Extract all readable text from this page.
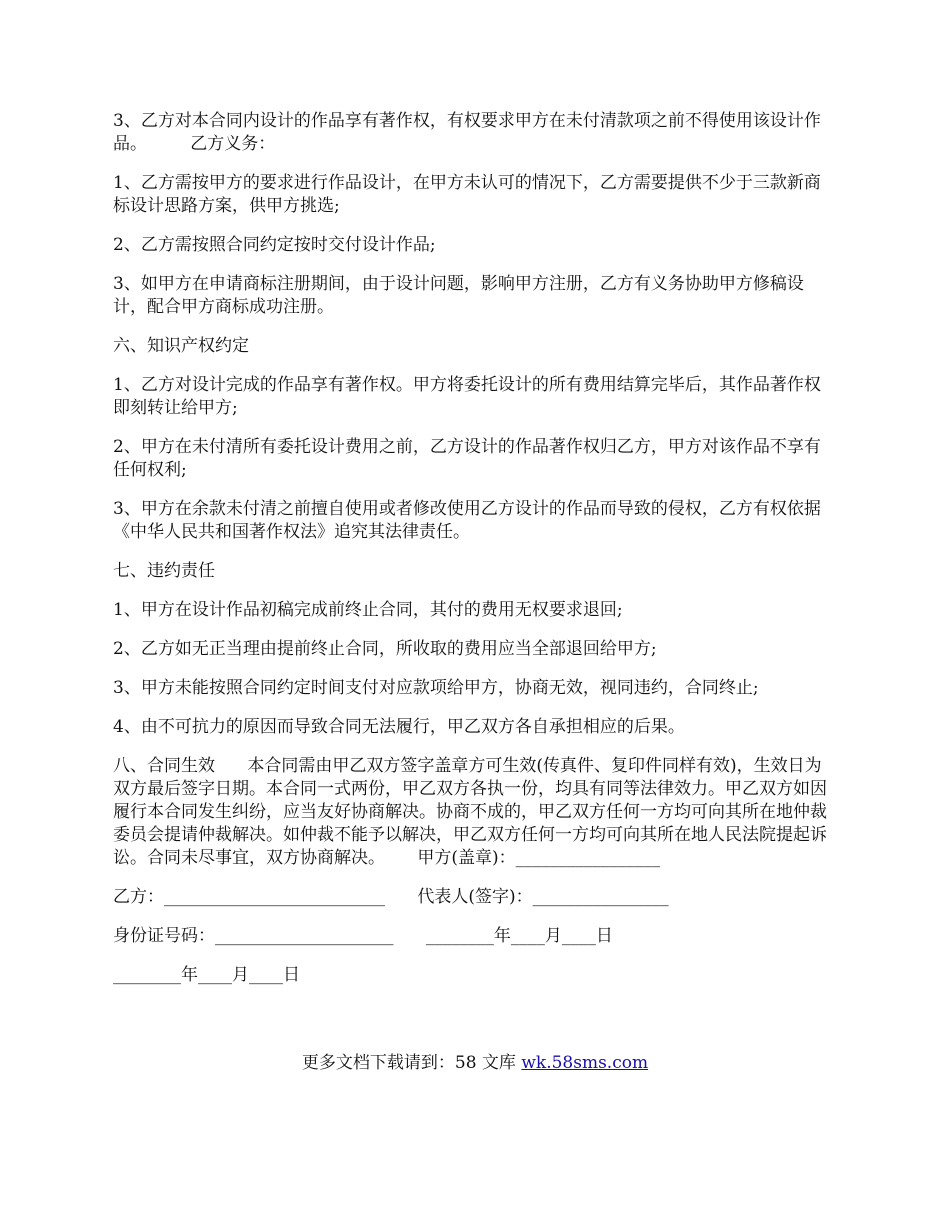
3、乙方对本合同内设计的作品享有著作权，有权要求甲方在未付清款项之前不得使用该设计作品。        乙方义务：

1、乙方需按甲方的要求进行作品设计，在甲方未认可的情况下，乙方需要提供不少于三款新商标设计思路方案，供甲方挑选;

2、乙方需按照合同约定按时交付设计作品;

3、如甲方在申请商标注册期间，由于设计问题，影响甲方注册，乙方有义务协助甲方修稿设计，配合甲方商标成功注册。

六、知识产权约定

1、乙方对设计完成的作品享有著作权。甲方将委托设计的所有费用结算完毕后，其作品著作权即刻转让给甲方;

2、甲方在未付清所有委托设计费用之前，乙方设计的作品著作权归乙方，甲方对该作品不享有任何权利;

3、甲方在余款未付清之前擅自使用或者修改使用乙方设计的作品而导致的侵权，乙方有权依据《中华人民共和国著作权法》追究其法律责任。

七、违约责任

1、甲方在设计作品初稿完成前终止合同，其付的费用无权要求退回;

2、乙方如无正当理由提前终止合同，所收取的费用应当全部退回给甲方;

3、甲方未能按照合同约定时间支付对应款项给甲方，协商无效，视同违约，合同终止;

4、由不可抗力的原因而导致合同无法履行，甲乙双方各自承担相应的后果。

八、合同生效      本合同需由甲乙双方签字盖章方可生效(传真件、复印件同样有效)，生效日为双方最后签字日期。本合同一式两份，甲乙双方各执一份，均具有同等法律效力。甲乙双方如因履行本合同发生纠纷，应当友好协商解决。协商不成的，甲乙双方任何一方均可向其所在地仲裁委员会提请仲裁解决。如仲裁不能予以解决，甲乙双方任何一方均可向其所在地人民法院提起诉讼。合同未尽事宜，双方协商解决。      甲方(盖章)：_________________

乙方：__________________________      代表人(签字)：________________

身份证号码：_____________________      ________年____月____日

________年____月____日

更多文档下载请到：58 文库 wk.58sms.com
